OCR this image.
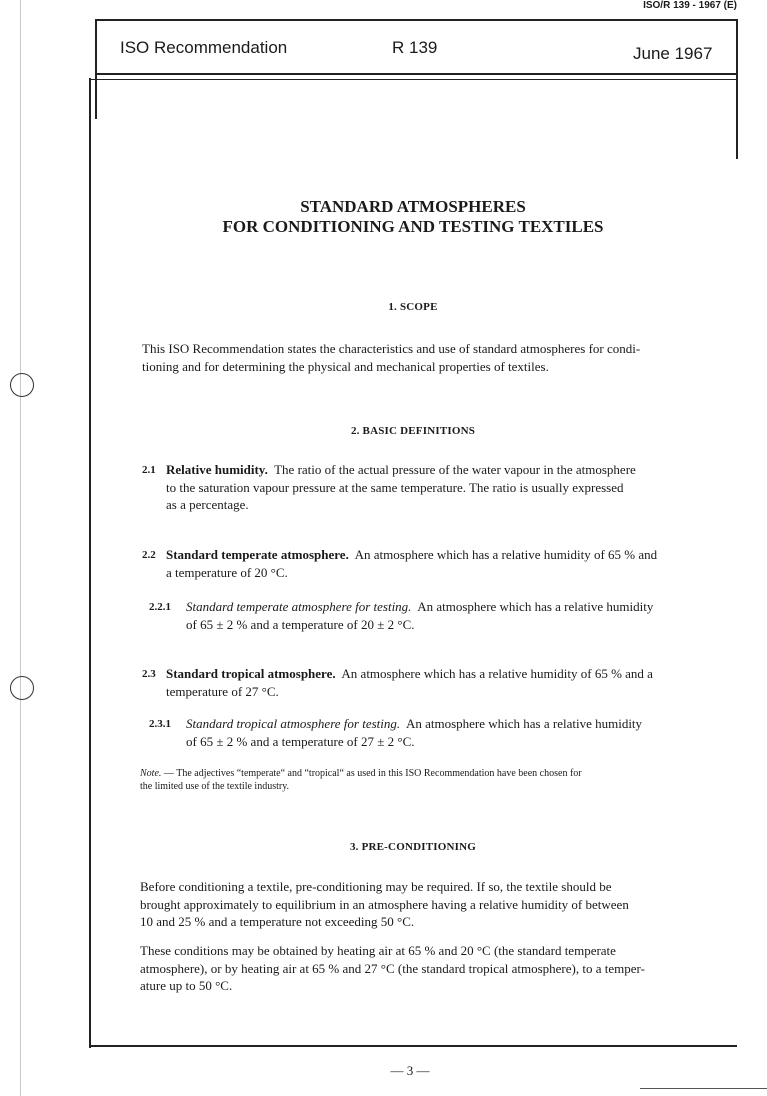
ISO/R 139 - 1967 (E)
ISO Recommendation	R 139	June 1967
STANDARD ATMOSPHERES
FOR CONDITIONING AND TESTING TEXTILES
1. SCOPE
This ISO Recommendation states the characteristics and use of standard atmospheres for condi-
tioning and for determining the physical and mechanical properties of textiles.
2. BASIC DEFINITIONS
2.1 Relative humidity. The ratio of the actual pressure of the water vapour in the atmosphere
to the saturation vapour pressure at the same temperature. The ratio is usually expressed
as a percentage.
2.2 Standard temperate atmosphere. An atmosphere which has a relative humidity of 65 % and
a temperature of 20 °C.
2.2.1 Standard temperate atmosphere for testing. An atmosphere which has a relative humidity
of 65 ± 2 % and a temperature of 20 ± 2 °C.
2.3 Standard tropical atmosphere. An atmosphere which has a relative humidity of 65 % and a
temperature of 27 °C.
2.3.1 Standard tropical atmosphere for testing. An atmosphere which has a relative humidity
of 65 ± 2 % and a temperature of 27 ± 2 °C.
Note. — The adjectives “temperate“ and “tropical“ as used in this ISO Recommendation have been chosen for
the limited use of the textile industry.
3. PRE-CONDITIONING
Before conditioning a textile, pre-conditioning may be required. If so, the textile should be
brought approximately to equilibrium in an atmosphere having a relative humidity of between
10 and 25 % and a temperature not exceeding 50 °C.
These conditions may be obtained by heating air at 65 % and 20 °C (the standard temperate
atmosphere), or by heating air at 65 % and 27 °C (the standard tropical atmosphere), to a temper-
ature up to 50 °C.
— 3 —
